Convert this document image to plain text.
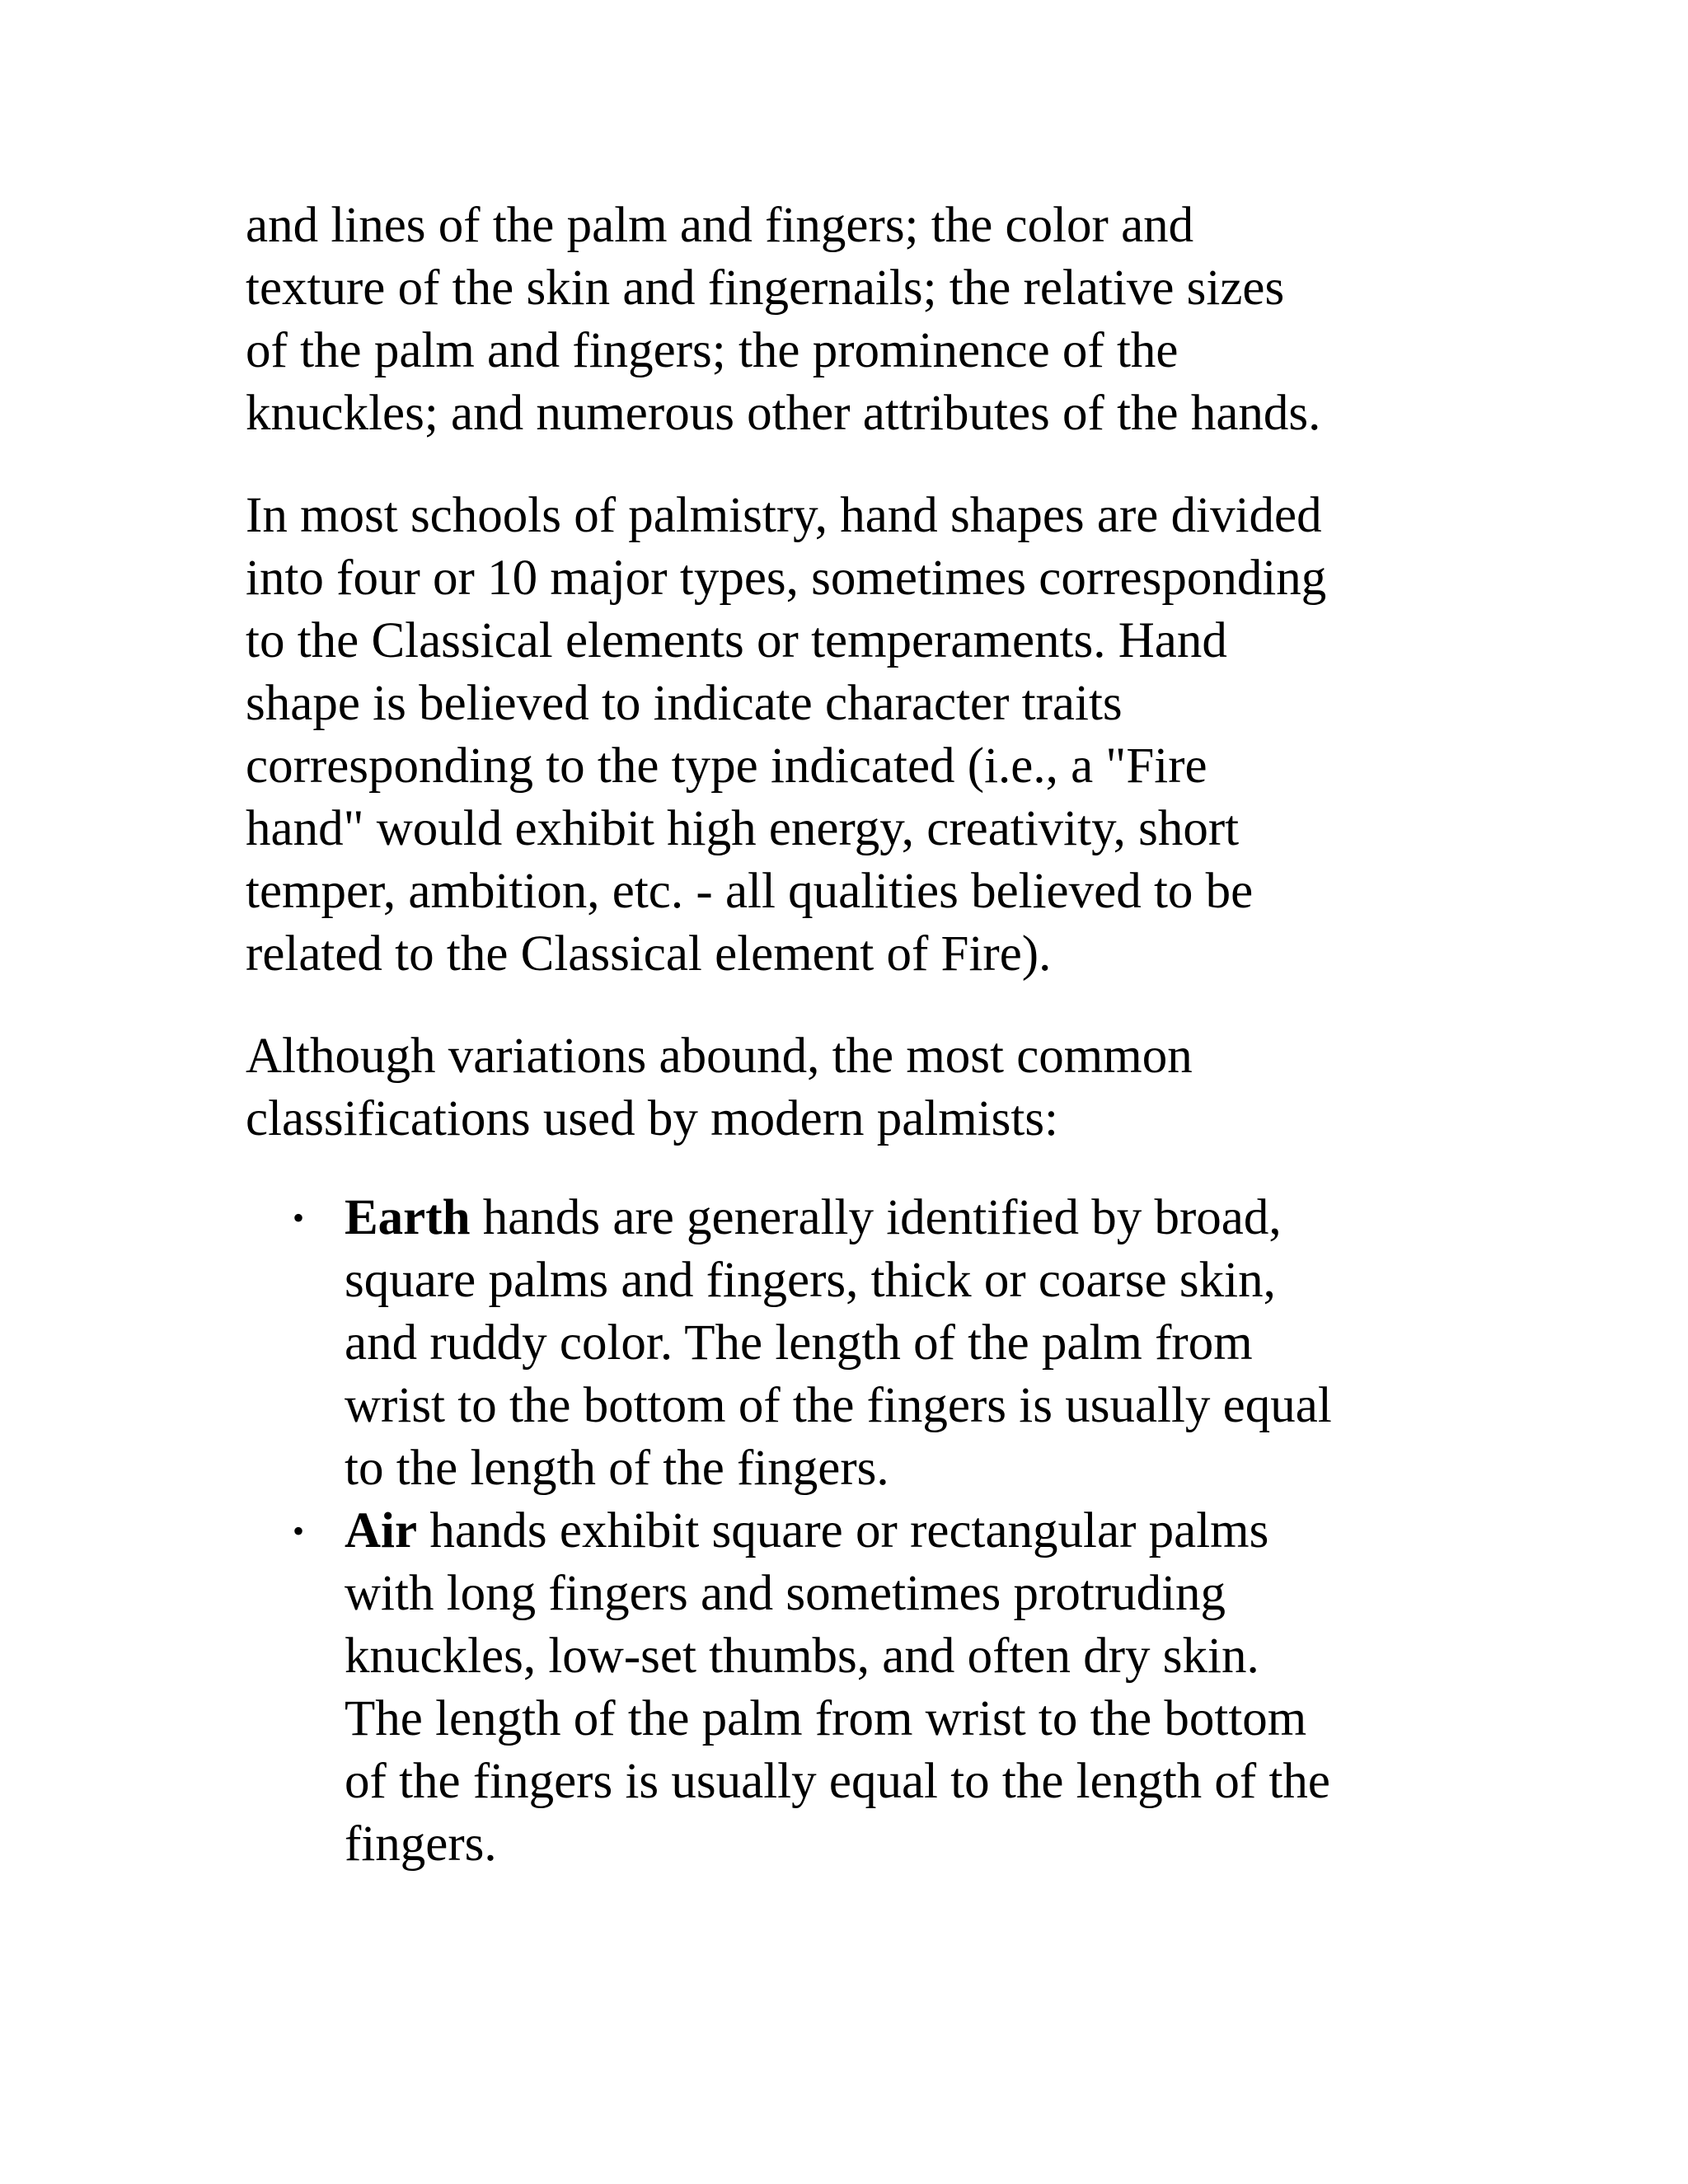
and lines of the palm and fingers; the color and
texture of the skin and fingernails; the relative sizes
of the palm and fingers; the prominence of the
knuckles; and numerous other attributes of the hands.
In most schools of palmistry, hand shapes are divided
into four or 10 major types, sometimes corresponding
to the Classical elements or temperaments. Hand
shape is believed to indicate character traits
corresponding to the type indicated (i.e., a "Fire
hand" would exhibit high energy, creativity, short
temper, ambition, etc. - all qualities believed to be
related to the Classical element of Fire).
Although variations abound, the most common
classifications used by modern palmists:
• Earth hands are generally identified by broad,
square palms and fingers, thick or coarse skin,
and ruddy color. The length of the palm from
wrist to the bottom of the fingers is usually equal
to the length of the fingers.
• Air hands exhibit square or rectangular palms
with long fingers and sometimes protruding
knuckles, low-set thumbs, and often dry skin.
The length of the palm from wrist to the bottom
of the fingers is usually equal to the length of the
fingers.
